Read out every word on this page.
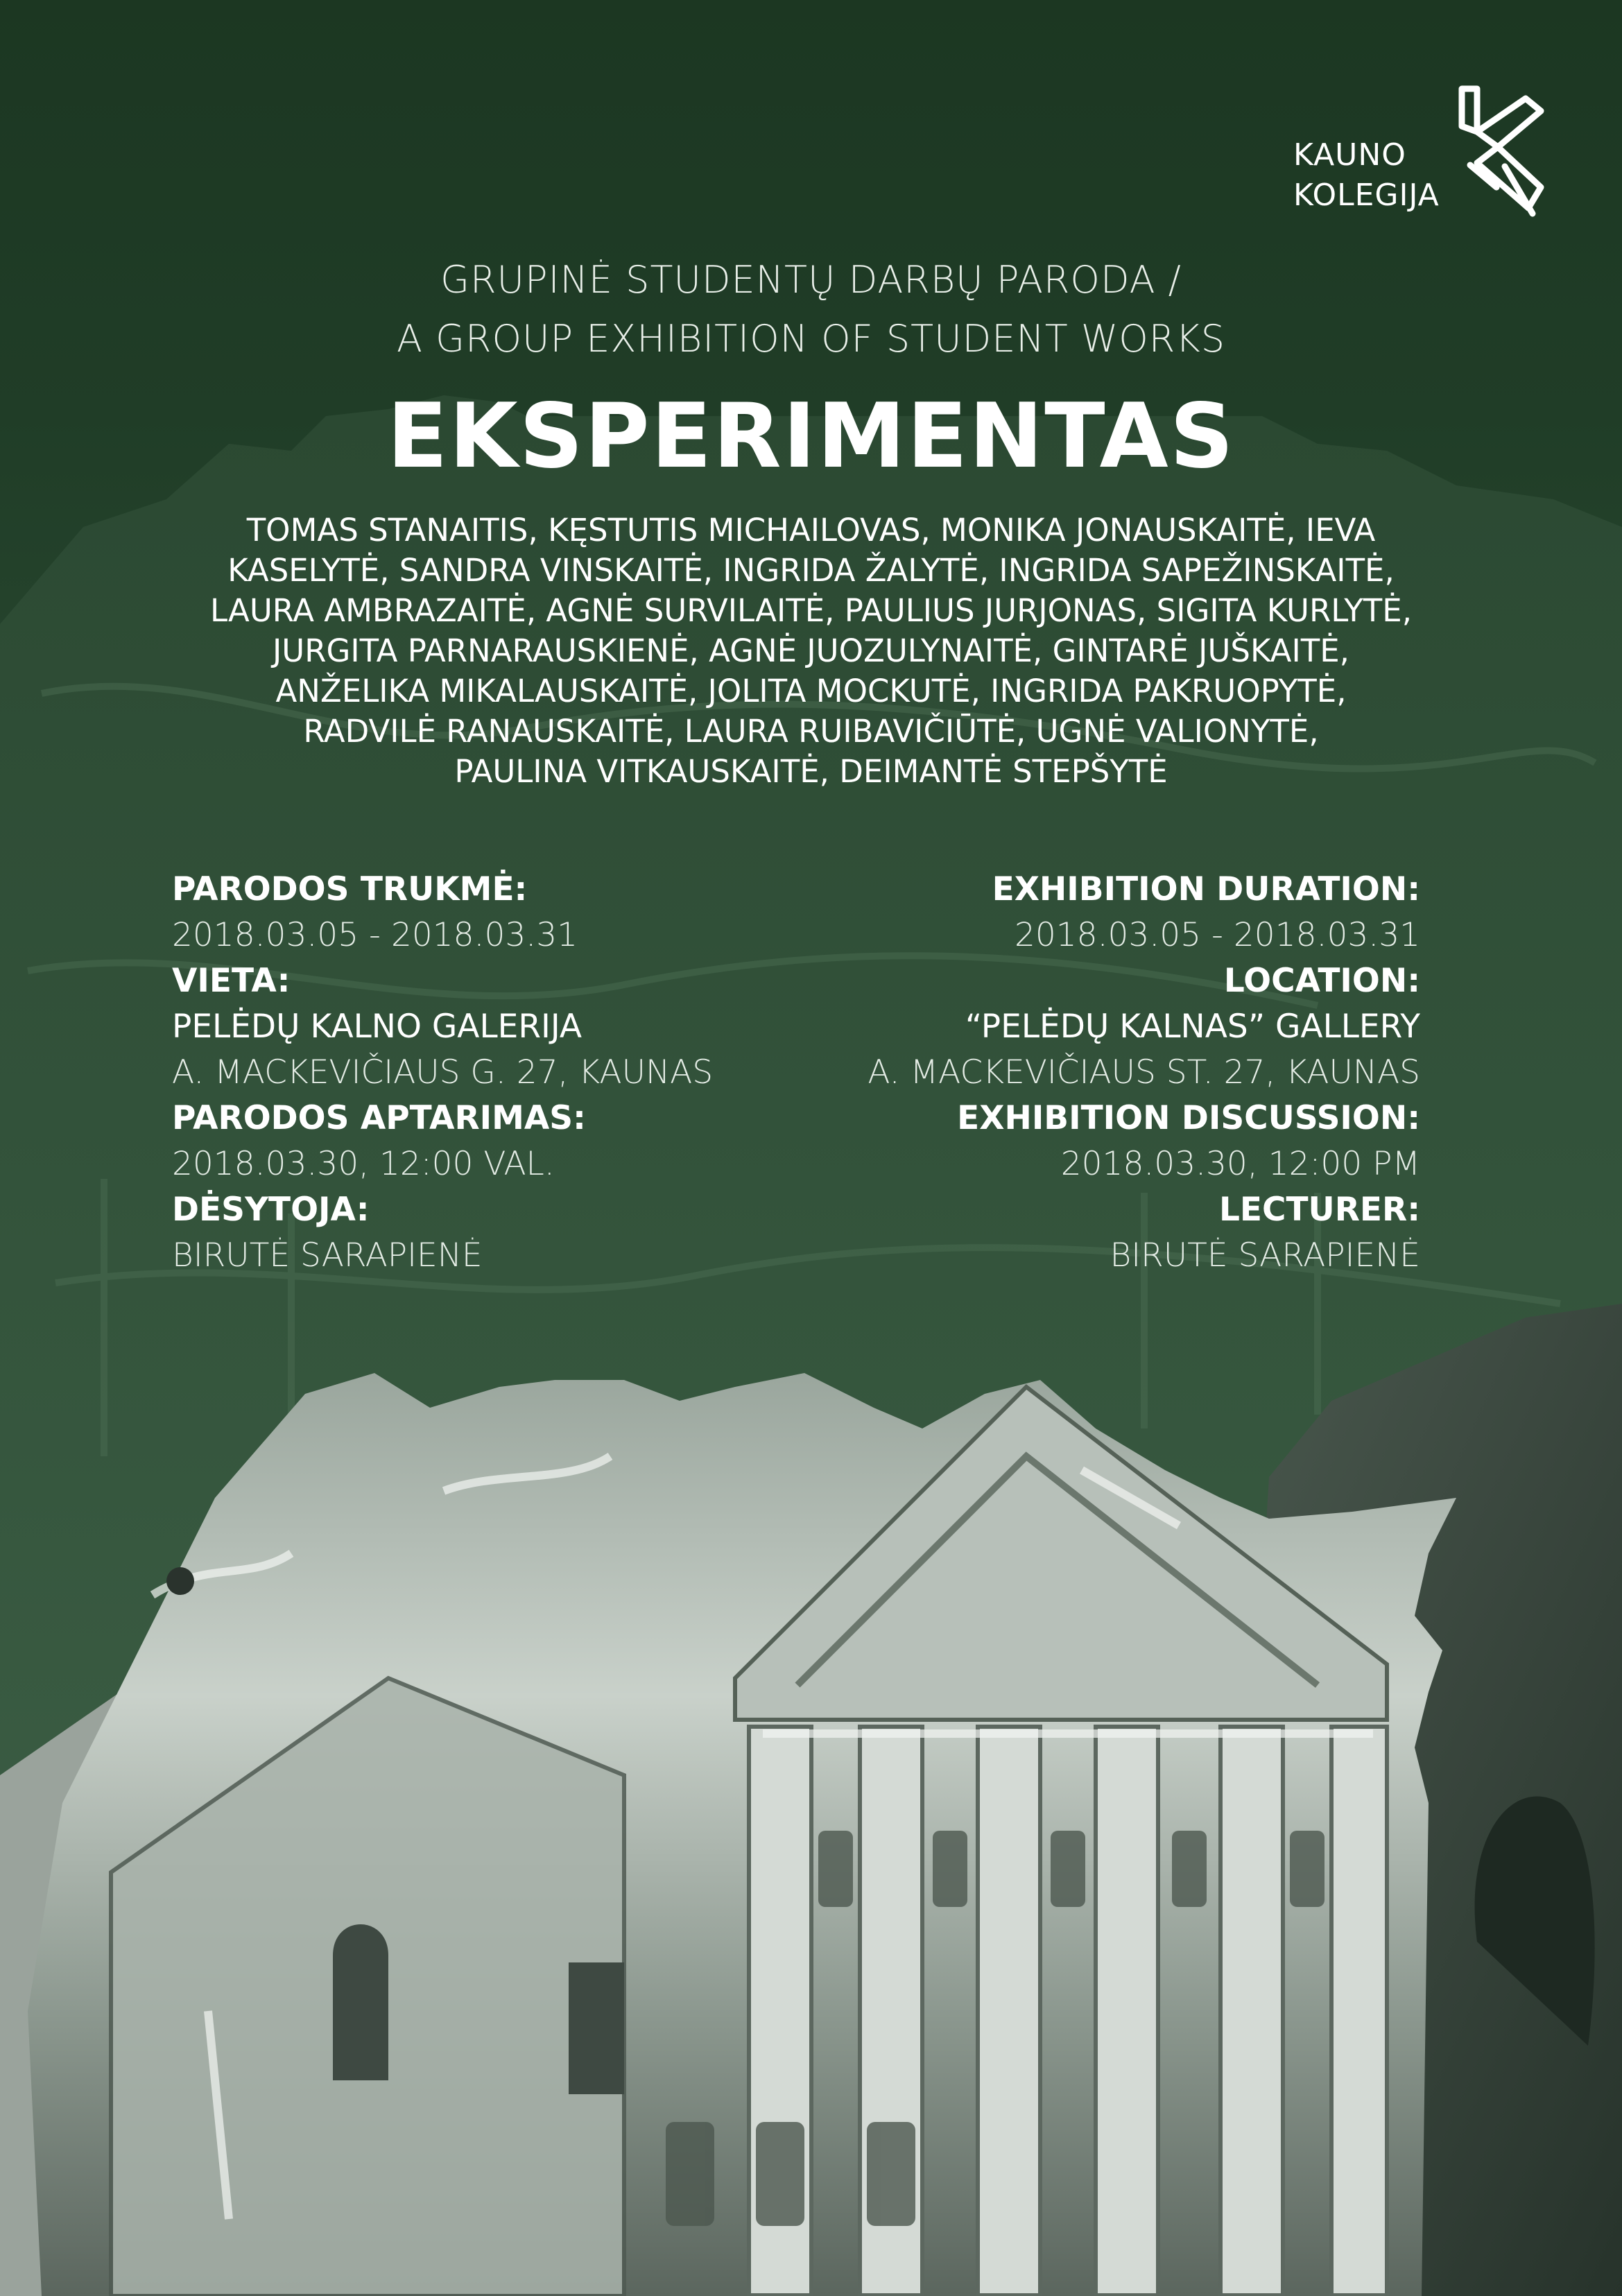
KAUNO
KOLEGIJA
GRUPINĖ STUDENTŲ DARBŲ PARODA /
A GROUP EXHIBITION OF STUDENT WORKS
EKSPERIMENTAS
TOMAS STANAITIS, KĘSTUTIS MICHAILOVAS, MONIKA JONAUSKAITĖ, IEVA
KASELYTĖ, SANDRA VINSKAITĖ, INGRIDA ŽALYTĖ, INGRIDA SAPEŽINSKAITĖ,
LAURA AMBRAZAITĖ, AGNĖ SURVILAITĖ, PAULIUS JURJONAS, SIGITA KURLYTĖ,
JURGITA PARNARAUSKIENĖ, AGNĖ JUOZULYNAITĖ, GINTARĖ JUŠKAITĖ,
ANŽELIKA MIKALAUSKAITĖ, JOLITA MOCKUTĖ, INGRIDA PAKRUOPYTĖ,
RADVILĖ RANAUSKAITĖ, LAURA RUIBAVIČIŪTĖ, UGNĖ VALIONYTĖ,
PAULINA VITKAUSKAITĖ, DEIMANTĖ STEPŠYTĖ
PARODOS TRUKMĖ:
2018.03.05 - 2018.03.31
VIETA:
PELĖDŲ KALNO GALERIJA
A. MACKEVIČIAUS G. 27, KAUNAS
PARODOS APTARIMAS:
2018.03.30, 12:00 VAL.
DĖSYTOJA:
BIRUTĖ SARAPIENĖ
EXHIBITION DURATION:
2018.03.05 - 2018.03.31
LOCATION:
“PELĖDŲ KALNAS” GALLERY
A. MACKEVIČIAUS ST. 27, KAUNAS
EXHIBITION DISCUSSION:
2018.03.30, 12:00 PM
LECTURER:
BIRUTĖ SARAPIENĖ
